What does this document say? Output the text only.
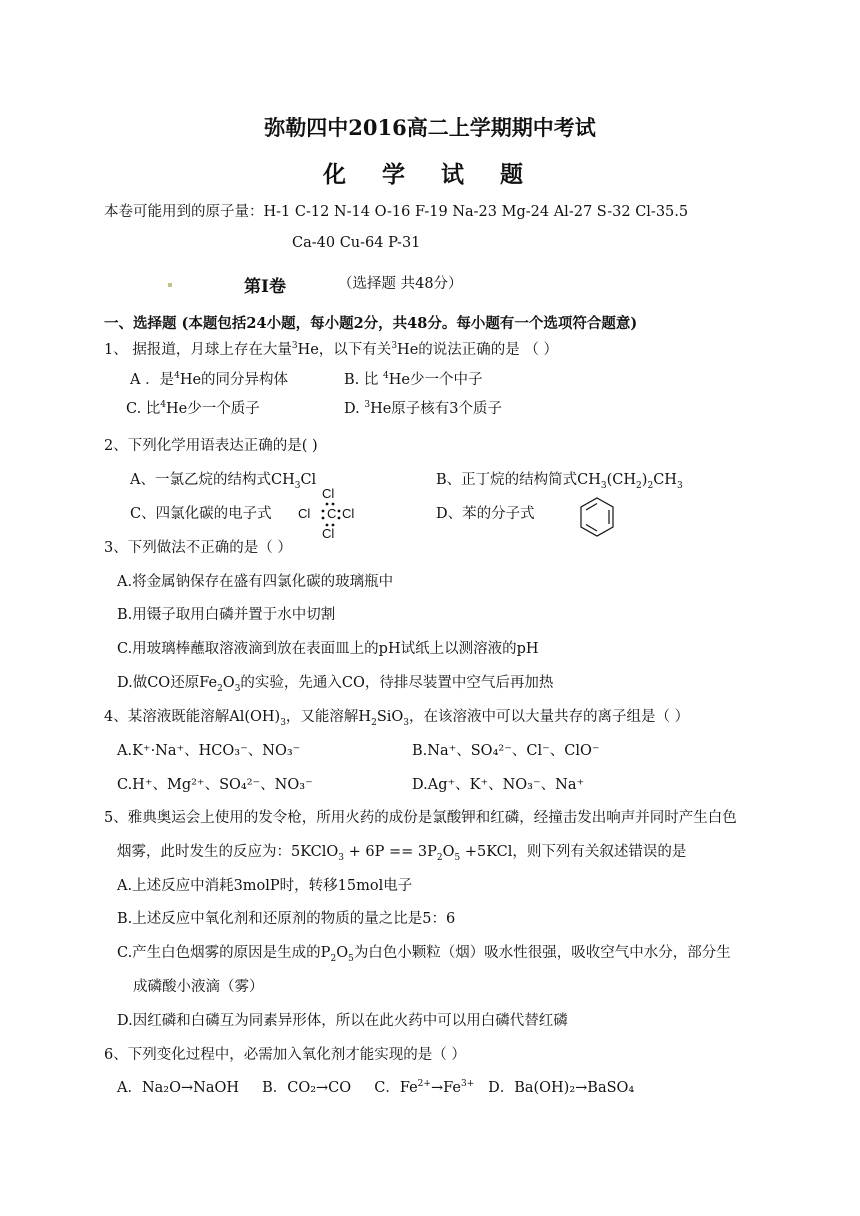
弥勒四中2016高二上学期期中考试
化 学 试 题
本卷可能用到的原子量：H-1 C-12 N-14 O-16 F-19 Na-23 Mg-24 Al-27 S-32 Cl-35.5
Ca-40 Cu-64 P-31
第Ⅰ卷	（选择题 共48分）
一、选择题 (本题包括24小题，每小题2分，共48分。每小题有一个选项符合题意)
1、 据报道，月球上存在大量$^3$He，以下有关$^3$He的说法正确的是 （ ）
A ．是$^4$He的同分异构体	B. 比 $^4$He少一个中子
C. 比$^4$He少一个质子	D. $^3$He原子核有3个质子
2、下列化学用语表达正确的是( )
A、一氯乙烷的结构式$CH_3Cl$	B、正丁烷的结构简式$CH_3(CH_2)_2CH_3$
C、四氯化碳的电子式
Cl
Cl C Cl
Cl
D、苯的分子式
3、下列做法不正确的是（ ）
A.将金属钠保存在盛有四氯化碳的玻璃瓶中
B.用镊子取用白磷并置于水中切割
C.用玻璃棒蘸取溶液滴到放在表面皿上的pH试纸上以测溶液的pH
D.做CO还原$Fe_2O_3$的实验，先通入CO，待排尽装置中空气后再加热
4、某溶液既能溶解$Al(OH)_3$，又能溶解$H_2SiO_3$，在该溶液中可以大量共存的离子组是（ ）
A.K⁺·Na⁺、HCO₃⁻、NO₃⁻	B.Na⁺、SO₄²⁻、Cl⁻、ClO⁻
C.H⁺、Mg²⁺、SO₄²⁻、NO₃⁻	D.Ag⁺、K⁺、NO₃⁻、Na⁺
5、雅典奥运会上使用的发令枪，所用火药的成份是氯酸钾和红磷，经撞击发出响声并同时产生白色
烟雾，此时发生的反应为：5KClO$_3$ + $6P == 3P_2O_5 +5KCl$，则下列有关叙述错误的是
A.上述反应中消耗3molP时，转移15mol电子
B.上述反应中氧化剂和还原剂的物质的量之比是5：6
C.产生白色烟雾的原因是生成的$P_2O_5$为白色小颗粒（烟）吸水性很强，吸收空气中水分，部分生
成磷酸小液滴（雾）
D.因红磷和白磷互为同素异形体，所以在此火药中可以用白磷代替红磷
6、下列变化过程中，必需加入氧化剂才能实现的是（ ）
A．Na₂O→NaOH B．CO₂→CO C．$Fe^{2+}\to Fe^{3+}$ D．Ba(OH)₂→BaSO₄
